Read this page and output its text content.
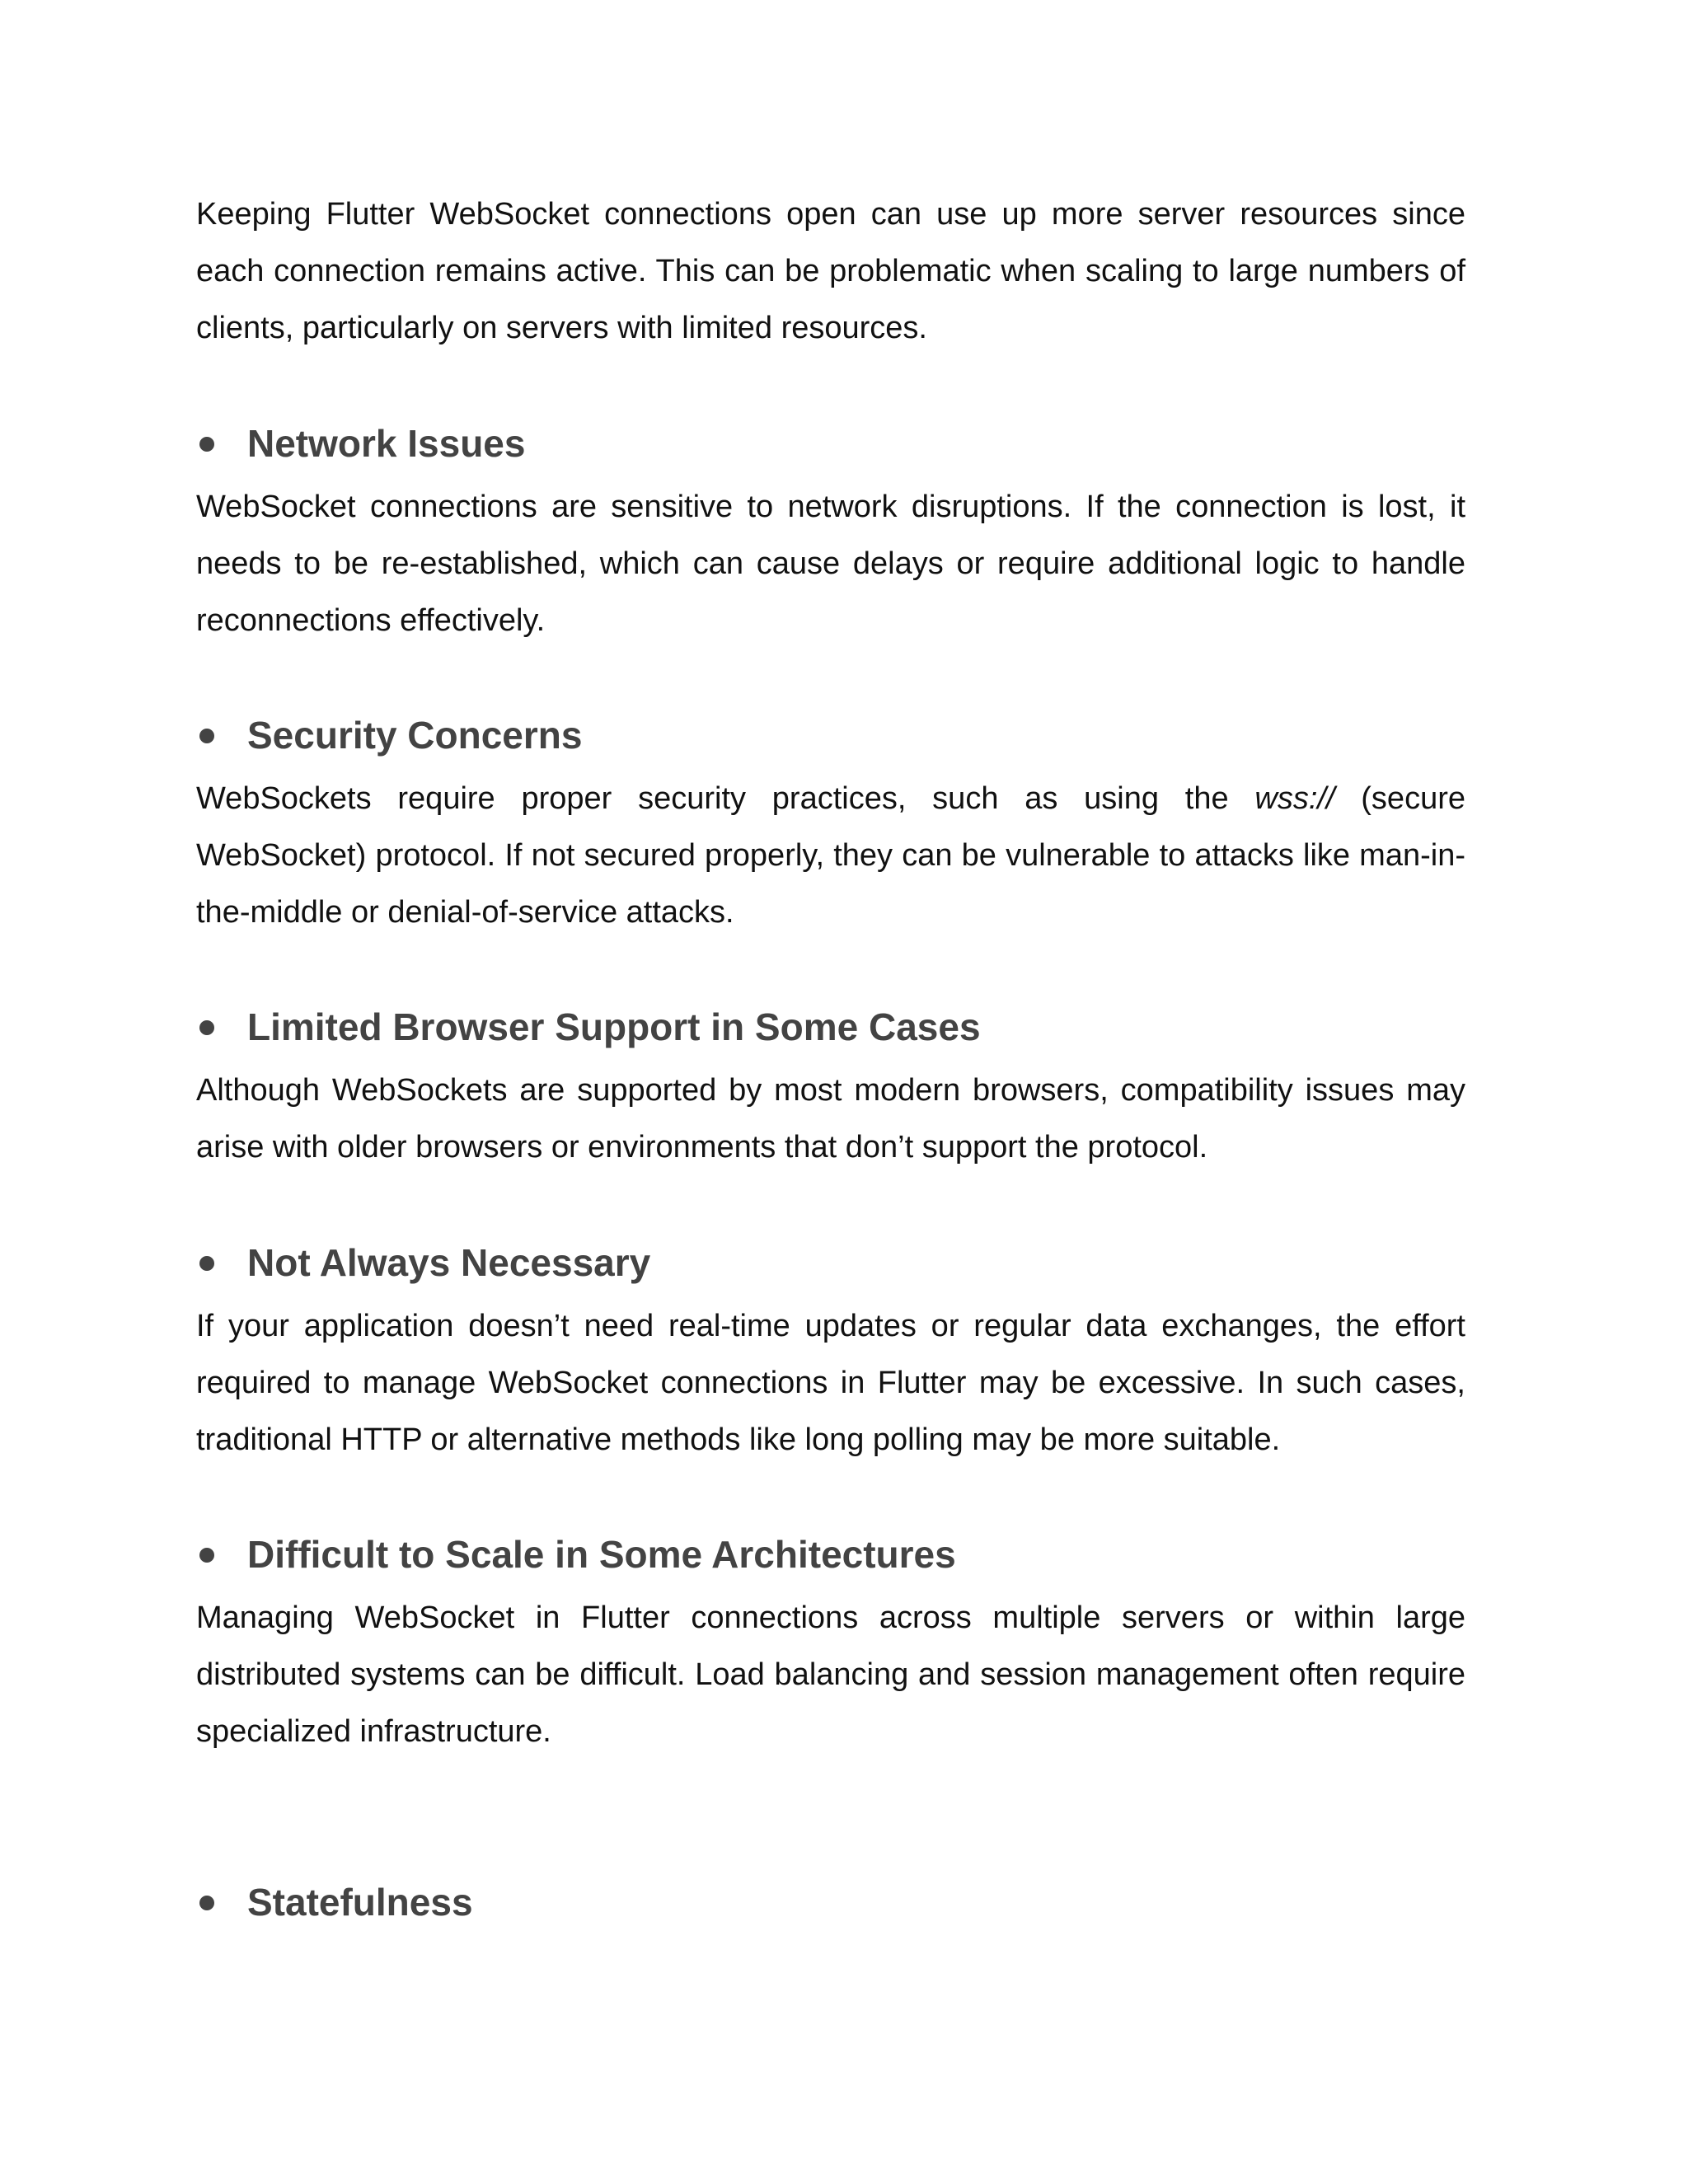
Keeping Flutter WebSocket connections open can use up more server resources since each connection remains active. This can be problematic when scaling to large numbers of clients, particularly on servers with limited resources.

Network Issues

WebSocket connections are sensitive to network disruptions. If the connection is lost, it needs to be re-established, which can cause delays or require additional logic to handle reconnections effectively.

Security Concerns

WebSockets require proper security practices, such as using the wss:// (secure WebSocket) protocol. If not secured properly, they can be vulnerable to attacks like man-in-the-middle or denial-of-service attacks.

Limited Browser Support in Some Cases

Although WebSockets are supported by most modern browsers, compatibility issues may arise with older browsers or environments that don’t support the protocol.

Not Always Necessary

If your application doesn’t need real-time updates or regular data exchanges, the effort required to manage WebSocket connections in Flutter may be excessive. In such cases, traditional HTTP or alternative methods like long polling may be more suitable.

Difficult to Scale in Some Architectures

Managing WebSocket in Flutter connections across multiple servers or within large distributed systems can be difficult. Load balancing and session management often require specialized infrastructure.

Statefulness
